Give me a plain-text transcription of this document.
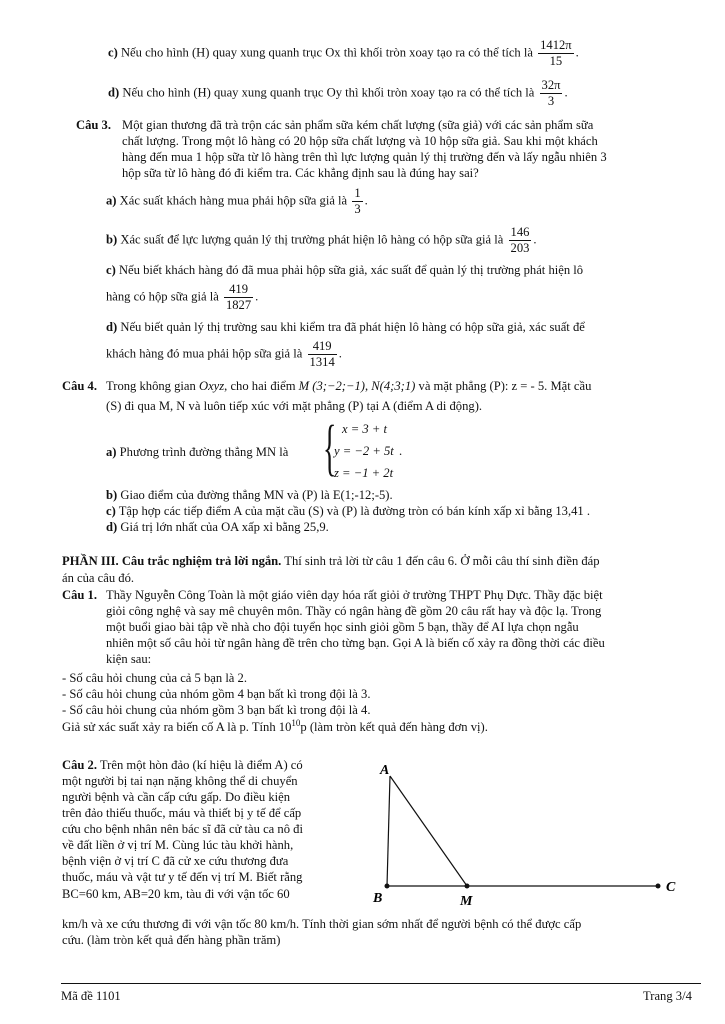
c) Nếu cho hình (H) quay xung quanh trục Ox thì khối tròn xoay tạo ra có thể tích là $\frac{1412\pi}{15}$ .
d) Nếu cho hình (H) quay xung quanh trục Oy thì khối tròn xoay tạo ra có thể tích là $\frac{32\pi}{3}$ .
Câu 3. Một gian thương đã trà trộn các sản phẩm sữa kém chất lượng (sữa giả) với các sản phẩm sữa
chất lượng. Trong một lô hàng có 20 hộp sữa chất lượng và 10 hộp sữa giả. Sau khi một khách
hàng đến mua 1 hộp sữa từ lô hàng trên thì lực lượng quản lý thị trường đến và lấy ngẫu nhiên 3
hộp sữa từ lô hàng đó đi kiểm tra. Các khẳng định sau là đúng hay sai?
a) Xác suất khách hàng mua phải hộp sữa giả là $\frac{1}{3}$ .
b) Xác suất để lực lượng quản lý thị trường phát hiện lô hàng có hộp sữa giả là $\frac{146}{203}$ .
c) Nếu biết khách hàng đó đã mua phải hộp sữa giả, xác suất để quản lý thị trường phát hiện lô
hàng có hộp sữa giả là $\frac{419}{1827}$ .
d) Nếu biết quản lý thị trường sau khi kiểm tra đã phát hiện lô hàng có hộp sữa giả, xác suất để
khách hàng đó mua phải hộp sữa giả là $\frac{419}{1314}$ .
Câu 4. Trong không gian Oxyz, cho hai điểm M (3;−2;−1), N(4;3;1) và mặt phẳng (P): z = - 5. Mặt cầu
(S) đi qua M, N và luôn tiếp xúc với mặt phẳng (P) tại A (điểm A di động).
a) Phương trình đường thẳng MN là { x = 3 + t
y = −2 + 5t .
z = −1 + 2t
b) Giao điểm của đường thẳng MN và (P) là E(1;-12;-5).
c) Tập hợp các tiếp điểm A của mặt cầu (S) và (P) là đường tròn có bán kính xấp xỉ bằng 13,41 .
d) Giá trị lớn nhất của OA xấp xỉ bằng 25,9.
PHẦN III. Câu trắc nghiệm trả lời ngắn. Thí sinh trả lời từ câu 1 đến câu 6. Ở mỗi câu thí sinh điền đáp
án của câu đó.
Câu 1. Thầy Nguyễn Công Toàn là một giáo viên dạy hóa rất giỏi ở trường THPT Phụ Dực. Thầy đặc biệt
giỏi công nghệ và say mê chuyên môn. Thầy có ngân hàng đề gồm 20 câu rất hay và độc lạ. Trong
một buổi giao bài tập về nhà cho đội tuyển học sinh giỏi gồm 5 bạn, thầy để AI lựa chọn ngẫu
nhiên một số câu hỏi từ ngân hàng đề trên cho từng bạn. Gọi A là biến cố xảy ra đồng thời các điều
kiện sau:
- Số câu hỏi chung của cả 5 bạn là 2.
- Số câu hỏi chung của nhóm gồm 4 bạn bất kì trong đội là 3.
- Số câu hỏi chung của nhóm gồm 3 bạn bất kì trong đội là 4.
Giả sử xác suất xảy ra biến cố A là p. Tính $10^{10}p$ (làm tròn kết quả đến hàng đơn vị).
Câu 2. Trên một hòn đảo (kí hiệu là điểm A) có
một người bị tai nạn nặng không thể di chuyển
người bệnh và cần cấp cứu gấp. Do điều kiện
trên đảo thiếu thuốc, máu và thiết bị y tế để cấp
cứu cho bệnh nhân nên bác sĩ đã cử tàu ca nô đi
về đất liền ở vị trí M. Cùng lúc tàu khởi hành,
bệnh viện ở vị trí C đã cử xe cứu thương đưa
thuốc, máu và vật tư y tế đến vị trí M. Biết rằng
BC=60 km, AB=20 km, tàu đi với vận tốc 60
km/h và xe cứu thương đi với vận tốc 80 km/h. Tính thời gian sớm nhất để người bệnh có thể được cấp
cứu. (làm tròn kết quả đến hàng phần trăm)
A
B	M
C
Mã đề 1101	Trang 3/4
